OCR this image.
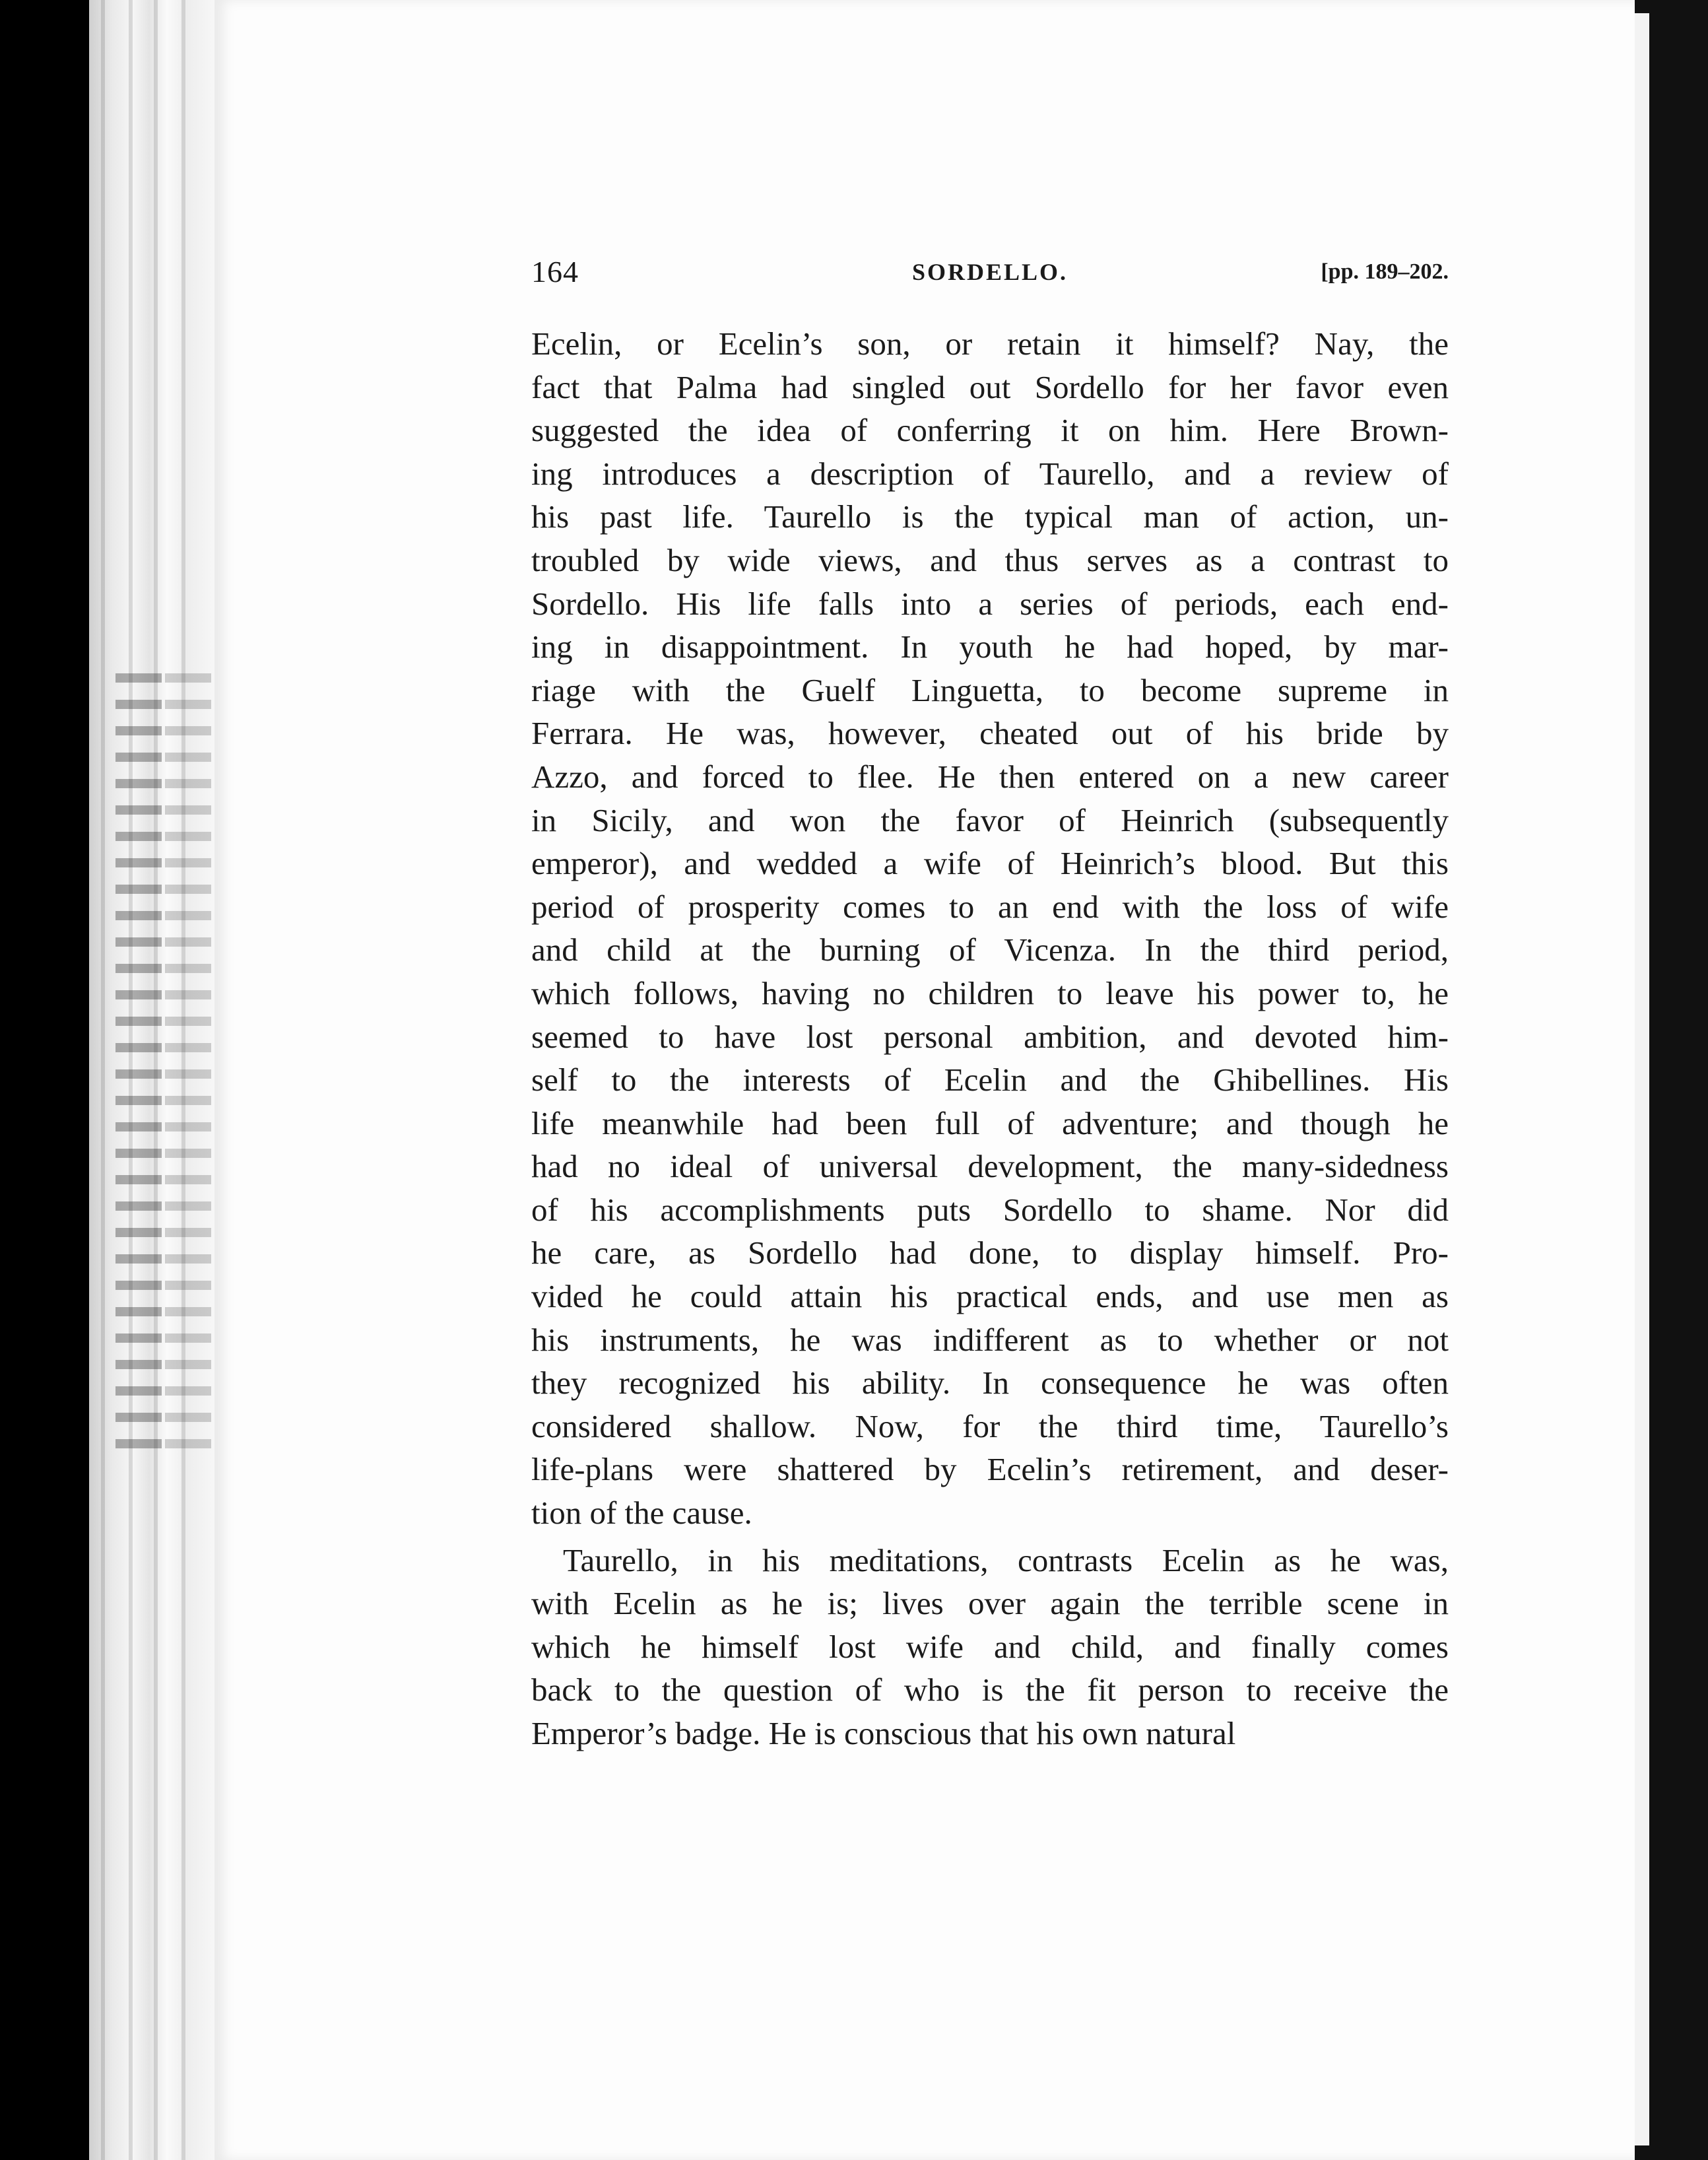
164	SORDELLO.	[pp. 189–202.
Ecelin, or Ecelin’s son, or retain it himself? Nay, the
fact that Palma had singled out Sordello for her favor even
suggested the idea of conferring it on him. Here Brown-
ing introduces a description of Taurello, and a review of
his past life. Taurello is the typical man of action, un-
troubled by wide views, and thus serves as a contrast to
Sordello. His life falls into a series of periods, each end-
ing in disappointment. In youth he had hoped, by mar-
riage with the Guelf Linguetta, to become supreme in
Ferrara. He was, however, cheated out of his bride by
Azzo, and forced to flee. He then entered on a new career
in Sicily, and won the favor of Heinrich (subsequently
emperor), and wedded a wife of Heinrich’s blood. But this
period of prosperity comes to an end with the loss of wife
and child at the burning of Vicenza. In the third period,
which follows, having no children to leave his power to, he
seemed to have lost personal ambition, and devoted him-
self to the interests of Ecelin and the Ghibellines. His
life meanwhile had been full of adventure; and though he
had no ideal of universal development, the many-sidedness
of his accomplishments puts Sordello to shame. Nor did
he care, as Sordello had done, to display himself. Pro-
vided he could attain his practical ends, and use men as
his instruments, he was indifferent as to whether or not
they recognized his ability. In consequence he was often
considered shallow. Now, for the third time, Taurello’s
life-plans were shattered by Ecelin’s retirement, and deser-
tion of the cause.
Taurello, in his meditations, contrasts Ecelin as he was,
with Ecelin as he is; lives over again the terrible scene in
which he himself lost wife and child, and finally comes
back to the question of who is the fit person to receive the
Emperor’s badge. He is conscious that his own natural
